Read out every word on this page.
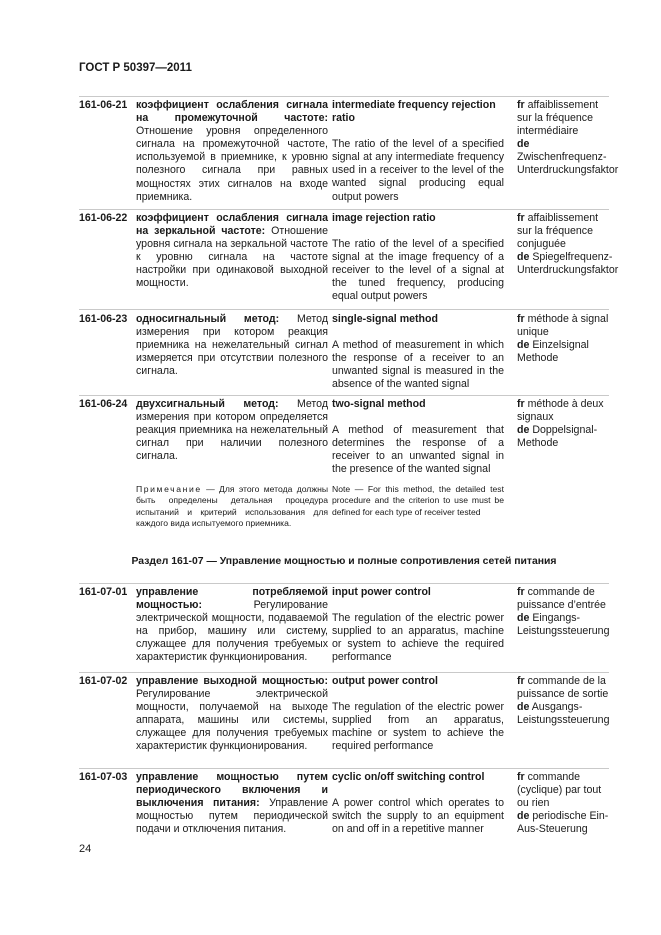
ГОСТ Р 50397—2011
161-06-21 коэффициент ослабления сигнала на промежуточной частоте: Отношение уровня определенного сигнала на промежуточной частоте, используемой в приемнике, к уровню полезного сигнала при равных мощностях этих сигналов на входе приемника.
intermediate frequency rejection ratio
The ratio of the level of a specified signal at any intermediate frequency used in a receiver to the level of the wanted signal producing equal output powers
fr affaiblissement sur la fréquence intermédiaire
de Zwischenfrequenz-Unterdruckungsfaktor
161-06-22 коэффициент ослабления сигнала на зеркальной частоте: Отношение уровня сигнала на зеркальной частоте к уровню сигнала на частоте настройки при одинаковой выходной мощности.
image rejection ratio
The ratio of the level of a specified signal at the image frequency of a receiver to the level of a signal at the tuned frequency, producing equal output powers
fr affaiblissement sur la fréquence conjuguée
de Spiegelfrequenz-Unterdruckungsfaktor
161-06-23 односигнальный метод: Метод измерения при котором реакция приемника на нежелательный сигнал измеряется при отсутствии полезного сигнала.
single-signal method
A method of measurement in which the response of a receiver to an unwanted signal is measured in the absence of the wanted signal
fr méthode à signal unique
de Einzelsignal Methode
161-06-24 двухсигнальный метод: Метод измерения при котором определяется реакция приемника на нежелательный сигнал при наличии полезного сигнала.
two-signal method
A method of measurement that determines the response of a receiver to an unwanted signal in the presence of the wanted signal
fr méthode à deux signaux
de Doppelsignal-Methode
Примечание — Для этого метода должны быть определены детальная процедура испытаний и критерий использования для каждого вида испытуемого приемника.
Note — For this method, the detailed test procedure and the criterion to use must be defined for each type of receiver tested
Раздел 161-07 — Управление мощностью и полные сопротивления сетей питания
161-07-01 управление потребляемой мощностью:	Регулирование электрической мощности, подаваемой на прибор, машину или систему, служащее для получения требуемых характеристик функционирования.
input power control
The regulation of the electric power supplied to an apparatus, machine or system to achieve the required performance
fr commande de puissance d’entrée
de Eingangs-Leistungssteuerung
161-07-02 управление выходной мощностью: Регулирование электрической мощности, получаемой на выходе аппарата, машины или системы, служащее для получения требуемых характеристик функционирования.
output power control
The regulation of the electric power supplied from an apparatus, machine or system to achieve the required performance
fr commande de la puissance de sortie
de Ausgangs-Leistungssteuerung
161-07-03 управление мощностью путем периодического включения и выключения питания: Управление мощностью путем периодической подачи и отключения питания.
cyclic on/off switching control
A power control which operates to switch the supply to an equipment on and off in a repetitive manner
fr commande (cyclique) par tout ou rien
de periodische Ein-Aus-Steuerung
24
